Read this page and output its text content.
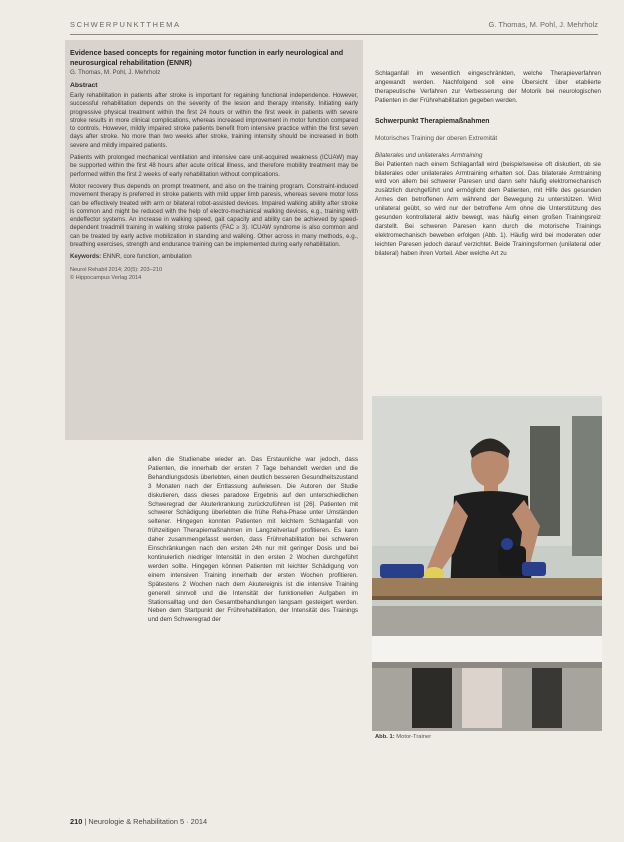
SCHWERPUNKTTHEMA	G. Thomas, M. Pohl, J. Mehrholz

Evidence based concepts for regaining motor function in early neurological and neurosurgical rehabilitation (ENNR)

G. Thomas, M. Pohl, J. Mehrholz

Abstract

Early rehabilitation in patients after stroke is important for regaining functional independence. However, successful rehabilitation depends on the severity of the lesion and therapy intensity. Initiating early progressive physical treatment within the first 24 hours or within the first week in patients with severe stroke results in more clinical complications, whereas increased improvement in motor function compared to controls. However, mildly impaired stroke patients benefit from intensive practice within the first seven days after stroke. No more than two weeks after stroke, training intensity should be increased in both severe and mildly impaired patients.

Patients with prolonged mechanical ventilation and intensive care unit-acquired weakness (ICUAW) may be supported within the first 48 hours after acute critical illness, and therefore mobility treatment may be performed within the first 2 weeks of early rehabilitation without complications.

Motor recovery thus depends on prompt treatment, and also on the training program. Constraint-induced movement therapy is preferred in stroke patients with mild upper limb paresis, whereas severe motor loss can be effectively treated with arm or bilateral robot-assisted devices. Impaired walking ability after stroke is common and might be reduced with the help of electro-mechanical walking devices, e.g., training with endeffector systems. An increase in walking speed, gait capacity and ability can be achieved by speed-dependent treadmill training in walking stroke patients (FAC ≥ 3). ICUAW syndrome is also common and can be treated by early active mobilization in standing and walking. Other across in many methods, e.g., breathing exercises, strength and endurance training can be implemented during early rehabilitation.

Keywords: ENNR, core function, ambulation

Neurol Rehabil 2014; 20(5): 203–210

© Hippocampus Verlag 2014

Schlaganfall im wesentlich eingeschränkten, welche Therapieverfahren angewandt werden. Nachfolgend soll eine Übersicht über etablierte therapeutische Verfahren zur Verbesserung der Motorik bei neurologischen Patienten in der Frührehabilitation gegeben werden.

Schwerpunkt Therapiemaßnahmen

Motorisches Training der oberen Extremität

Bilaterales und unilaterales Armtraining

Bei Patienten nach einem Schlaganfall wird (beispielsweise oft diskutiert, ob sie bilaterales oder unilaterales Armtraining erhalten sol. Das bilaterale Armtraining wird von allem bei schwerer Paresen und dann sehr häufig elektromechanisch zusätzlich durchgeführt und ermöglicht dem Patienten, mit Hilfe des gesunden Armes den betroffenen Arm während der Bewegung zu unterstützen. Wird unilateral geübt, so wird nur der betroffene Arm ohne die Unterstützung des gesunden kontrollateral aktiv bewegt, was häufig einen großen Trainingsreiz darstellt. Bei schweren Paresen kann durch die motorische Trainings elektromechanisch beweben erfolgen (Abb. 1). Häufig wird bei moderaten oder leichten Paresen jedoch darauf verzichtet. Beide Trainingsformen (unilateral oder bilateral) haben ihren Vorteil. Aber welche Art zu

allen die Studienabe wieder an. Das Erstaunliche war jedoch, dass Patienten, die innerhalb der ersten 7 Tage behandelt werden und die Behandlungsdosis überlebten, einen deutlich besseren Gesundheitszustand 3 Monaten nach der Entlassung aufwiesen. Die Autoren der Studie diskutieren, dass dieses paradoxe Ergebnis auf den unterschiedlichen Schweregrad der Akuterkrankung zurückzuführen ist [26]. Patienten mit schwerer Schädigung überlebten die frühe Reha-Phase unter Umständen seltener. Hingegen konnten Patienten mit leichtem Schlaganfall von frühzeitigen Therapiemaßnahmen im Langzeitverlauf profitieren. Es kann daher zusammengefasst werden, dass Frührehabilitation bei schweren Einschränkungen nach den ersten 24h nur mit geringer Dosis und bei kontinuierlich niedriger Intensität in den ersten 2 Wochen durchgeführt werden sollte. Hingegen können Patienten mit leichter Schädigung von einem intensiven Training innerhalb der ersten Wochen profitieren. Spätestens 2 Wochen nach dem Akutereignis ist die intensive Training generell sinnvoll und die Intensität der funktionellen Aufgaben im Stationsalltag und den Gesamtbehandlungen langsam gesteigert werden. Neben dem Startpunkt der Frührehabilitation, der Intensität des Trainings und dem Schweregrad der

Abb. 1: Motor-Trainer
210 | Neurologie & Rehabilitation 5 · 2014
